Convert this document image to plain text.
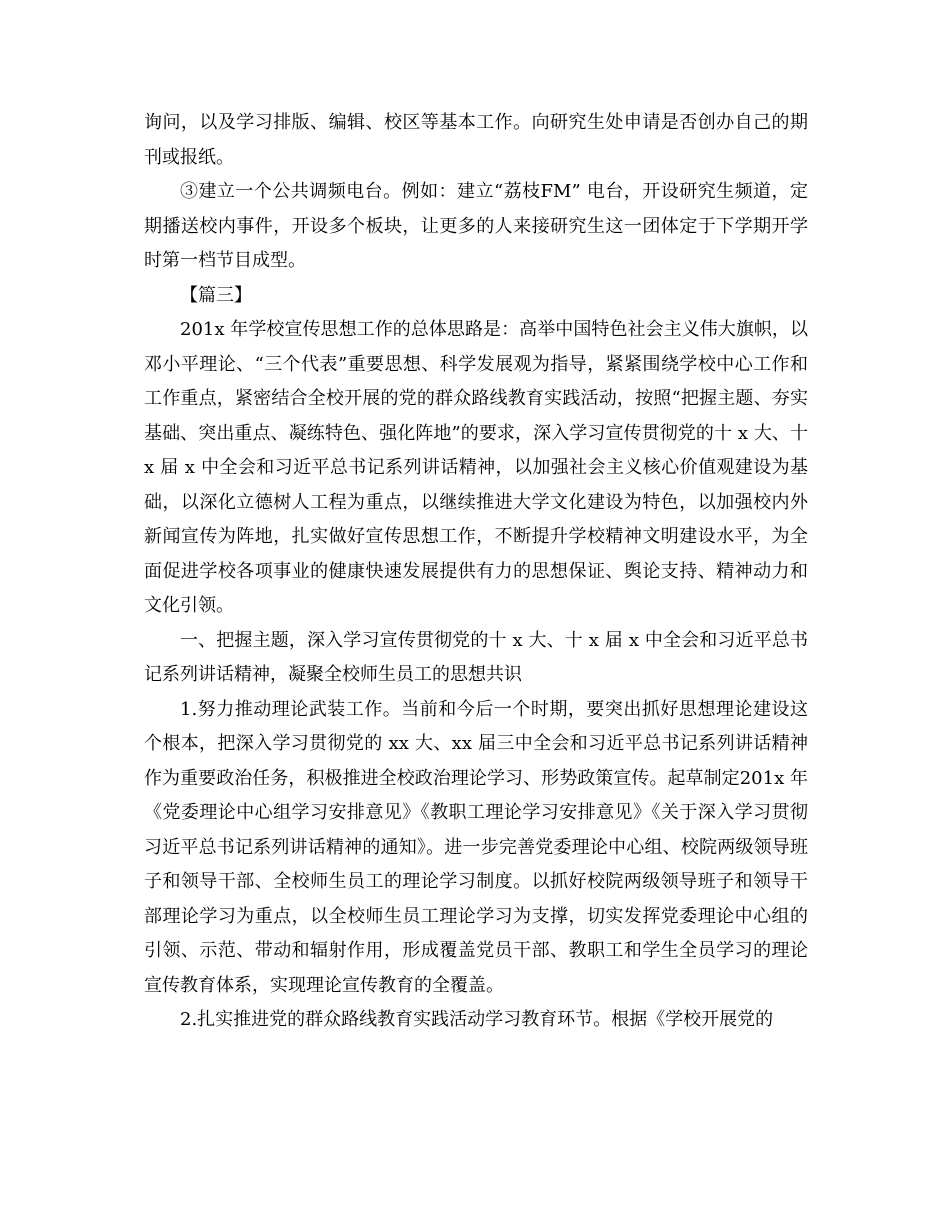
询问，以及学习排版、编辑、校区等基本工作。向研究生处申请是否创办自己的期刊或报纸。

③建立一个公共调频电台。例如：建立“荔枝FM” 电台，开设研究生频道，定期播送校内事件，开设多个板块，让更多的人来接研究生这一团体定于下学期开学时第一档节目成型。

【篇三】

201x 年学校宣传思想工作的总体思路是：高举中国特色社会主义伟大旗帜，以邓小平理论、“三个代表”重要思想、科学发展观为指导，紧紧围绕学校中心工作和工作重点，紧密结合全校开展的党的群众路线教育实践活动，按照“把握主题、夯实基础、突出重点、凝练特色、强化阵地”的要求，深入学习宣传贯彻党的十 x 大、十 x 届 x 中全会和习近平总书记系列讲话精神，以加强社会主义核心价值观建设为基础，以深化立德树人工程为重点，以继续推进大学文化建设为特色，以加强校内外新闻宣传为阵地，扎实做好宣传思想工作，不断提升学校精神文明建设水平，为全面促进学校各项事业的健康快速发展提供有力的思想保证、舆论支持、精神动力和文化引领。

一、把握主题，深入学习宣传贯彻党的十 x 大、十 x 届 x 中全会和习近平总书记系列讲话精神，凝聚全校师生员工的思想共识

1.努力推动理论武装工作。当前和今后一个时期，要突出抓好思想理论建设这个根本，把深入学习贯彻党的 xx 大、xx 届三中全会和习近平总书记系列讲话精神作为重要政治任务，积极推进全校政治理论学习、形势政策宣传。起草制定201x 年《党委理论中心组学习安排意见》《教职工理论学习安排意见》《关于深入学习贯彻习近平总书记系列讲话精神的通知》。进一步完善党委理论中心组、校院两级领导班子和领导干部、全校师生员工的理论学习制度。以抓好校院两级领导班子和领导干部理论学习为重点，以全校师生员工理论学习为支撑，切实发挥党委理论中心组的引领、示范、带动和辐射作用，形成覆盖党员干部、教职工和学生全员学习的理论宣传教育体系，实现理论宣传教育的全覆盖。

2.扎实推进党的群众路线教育实践活动学习教育环节。根据《学校开展党的
